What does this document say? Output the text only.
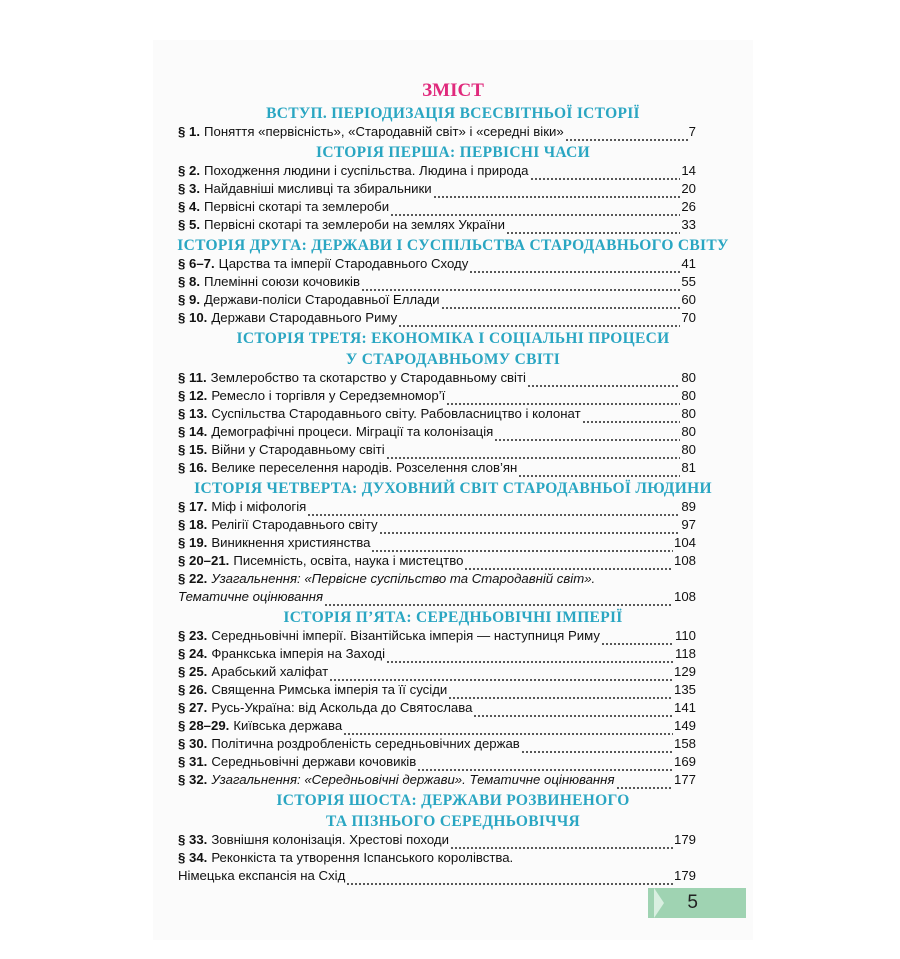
ЗМІСТ
ВСТУП. ПЕРІОДИЗАЦІЯ ВСЕСВІТНЬОЇ ІСТОРІЇ
§ 1. Поняття «первісність», «Стародавній світ» і «середні віки»	7
ІСТОРІЯ ПЕРША: ПЕРВІСНІ ЧАСИ
§ 2. Походження людини і суспільства. Людина і природа	14
§ 3. Найдавніші мисливці та збиральники	20
§ 4. Первісні скотарі та землероби	26
§ 5. Первісні скотарі та землероби на землях України	33
ІСТОРІЯ ДРУГА: ДЕРЖАВИ І СУСПІЛЬСТВА СТАРОДАВНЬОГО СВІТУ
§ 6–7. Царства та імперії Стародавнього Сходу	41
§ 8. Племінні союзи кочовиків	55
§ 9. Держави-поліси Стародавньої Еллади	60
§ 10. Держави Стародавнього Риму	70
ІСТОРІЯ ТРЕТЯ: ЕКОНОМІКА І СОЦІАЛЬНІ ПРОЦЕСИ
У СТАРОДАВНЬОМУ СВІТІ
§ 11. Землеробство та скотарство у Стародавньому світі	80
§ 12. Ремесло і торгівля у Середземномор’ї	80
§ 13. Суспільства Стародавнього світу. Рабовласництво і колонат	80
§ 14. Демографічні процеси. Міграції та колонізація	80
§ 15. Війни у Стародавньому світі	80
§ 16. Велике переселення народів. Розселення слов’ян	81
ІСТОРІЯ ЧЕТВЕРТА: ДУХОВНИЙ СВІТ СТАРОДАВНЬОЇ ЛЮДИНИ
§ 17. Міф і міфологія	89
§ 18. Релігії Стародавнього світу	97
§ 19. Виникнення християнства	104
§ 20–21. Писемність, освіта, наука і мистецтво	108
§ 22. Узагальнення: «Первісне суспільство та Стародавній світ».
Тематичне оцінювання	108
ІСТОРІЯ П’ЯТА: СЕРЕДНЬОВІЧНІ ІМПЕРІЇ
§ 23. Середньовічні імперії. Візантійська імперія — наступниця Риму	110
§ 24. Франкська імперія на Заході	118
§ 25. Арабський халіфат	129
§ 26. Священна Римська імперія та її сусіди	135
§ 27. Русь-Україна: від Аскольда до Святослава	141
§ 28–29. Київська держава	149
§ 30. Політична роздробленість середньовічних держав	158
§ 31. Середньовічні держави кочовиків	169
§ 32. Узагальнення: «Середньовічні держави». Тематичне оцінювання	177
ІСТОРІЯ ШОСТА: ДЕРЖАВИ РОЗВИНЕНОГО
ТА ПІЗНЬОГО СЕРЕДНЬОВІЧЧЯ
§ 33. Зовнішня колонізація. Хрестові походи	179
§ 34. Реконкіста та утворення Іспанського королівства.
Німецька експансія на Схід	179
5
